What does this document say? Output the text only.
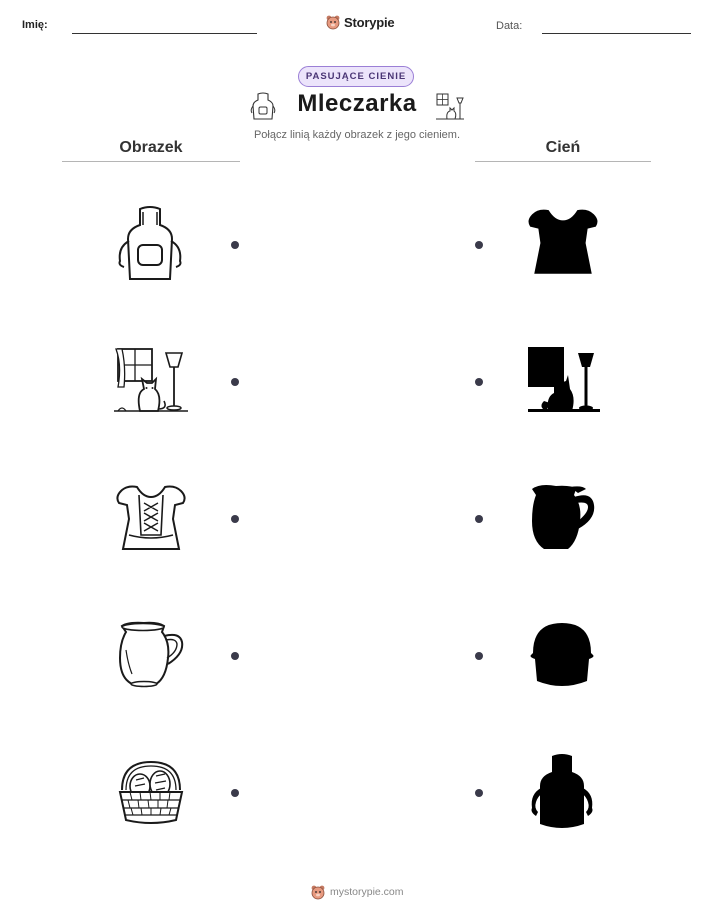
Imię:	Storypie	Data:
PASUJĄCE CIENIE
Mleczarka
Połącz linią każdy obrazek z jego cieniem.
Obrazek	Cień
mystorypie.com
